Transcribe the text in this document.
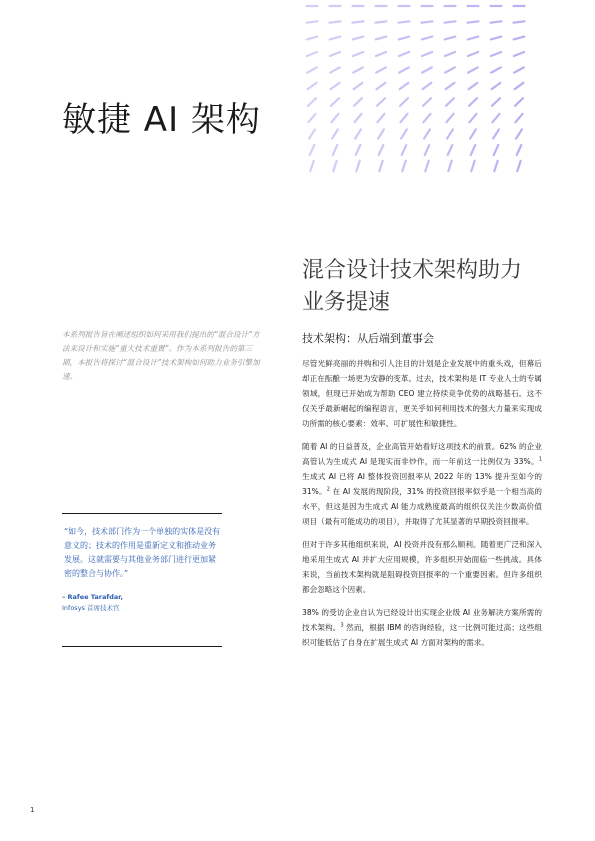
敏捷 AI 架构
混合设计技术架构助力业务提速
技术架构：从后端到董事会
本系列报告旨在阐述组织如何采用我们提出的“混合设计”方法来设计和实施“重大技术重置”。作为本系列报告的第三期，本报告将探讨“混合设计”技术架构如何助力业务引擎加速。

“如今，技术部门作为一个单独的实体是没有意义的；技术的作用是重新定义和推动业务发展。这就需要与其他业务部门进行更加紧密的整合与协作。”

– Rafee Tarafdar,
Infosys 首席技术官

尽管光鲜亮丽的并购和引人注目的计划是企业发展中的重头戏，但幕后却正在酝酿一场更为安静的变革。过去，技术架构是 IT 专业人士的专属领域，但现已开始成为帮助 CEO 建立持续竞争优势的战略基石。这不仅关乎最新崛起的编程语言，更关乎如何利用技术的强大力量来实现成功所需的核心要素：效率、可扩展性和敏捷性。

随着 AI 的日益普及，企业高管开始看好这项技术的前景。62% 的企业高管认为生成式 AI 是现实而非炒作，而一年前这一比例仅为 33%。$^1$ 生成式 AI 已将 AI 整体投资回报率从 2022 年的 13% 提升至如今的 31%。$^2$ 在 AI 发展的现阶段，31% 的投资回报率似乎是一个相当高的水平，但这是因为生成式 AI 能力成熟度最高的组织仅关注少数高价值项目（最有可能成功的项目），并取得了尤其显著的早期投资回报率。

但对于许多其他组织来说，AI 投资并没有那么顺利。随着更广泛和深入地采用生成式 AI 并扩大应用规模，许多组织开始面临一些挑战。具体来说，当前技术架构就是阻碍投资回报率的一个重要因素。但许多组织都会忽略这个因素。

38% 的受访企业自认为已经设计出实现企业级 AI 业务解决方案所需的技术架构。$^3$ 然而，根据 IBM 的咨询经验，这一比例可能过高；这些组织可能低估了自身在扩展生成式 AI 方面对架构的需求。

1
